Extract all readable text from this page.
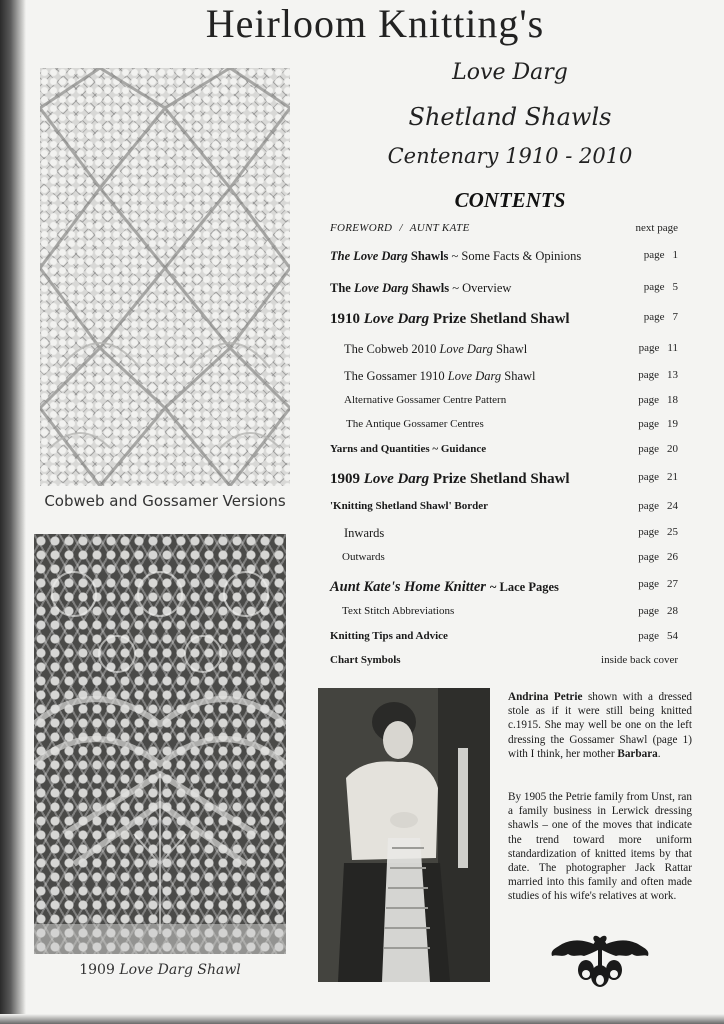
Heirloom Knitting's

Love Darg

Shetland Shawls

Centenary 1910 - 2010

Cobweb and Gossamer Versions

1909 Love Darg Shawl

CONTENTS
FOREWORD / AUNT KATE	next page
The Love Darg Shawls ~ Some Facts & Opinions	page 1
The Love Darg Shawls ~ Overview	page 5
1910 Love Darg Prize Shetland Shawl	page 7
The Cobweb 2010 Love Darg Shawl	page 11
The Gossamer 1910 Love Darg Shawl	page 13
Alternative Gossamer Centre Pattern	page 18
The Antique Gossamer Centres	page 19
Yarns and Quantities ~ Guidance	page 20
1909 Love Darg Prize Shetland Shawl	page 21
'Knitting Shetland Shawl' Border	page 24
Inwards	page 25
Outwards	page 26
Aunt Kate's Home Knitter ~ Lace Pages	page 27
Text Stitch Abbreviations	page 28
Knitting Tips and Advice	page 54
Chart Symbols	inside back cover

Andrina Petrie shown with a dressed stole as if it were still being knitted c.1915. She may well be one on the left dressing the Gossamer Shawl (page 1) with I think, her mother Barbara.

By 1905 the Petrie family from Unst, ran a family business in Lerwick dressing shawls – one of the moves that indicate the trend toward more uniform standardization of knitted items by that date. The photographer Jack Rattar married into this family and often made studies of his wife's relatives at work.
